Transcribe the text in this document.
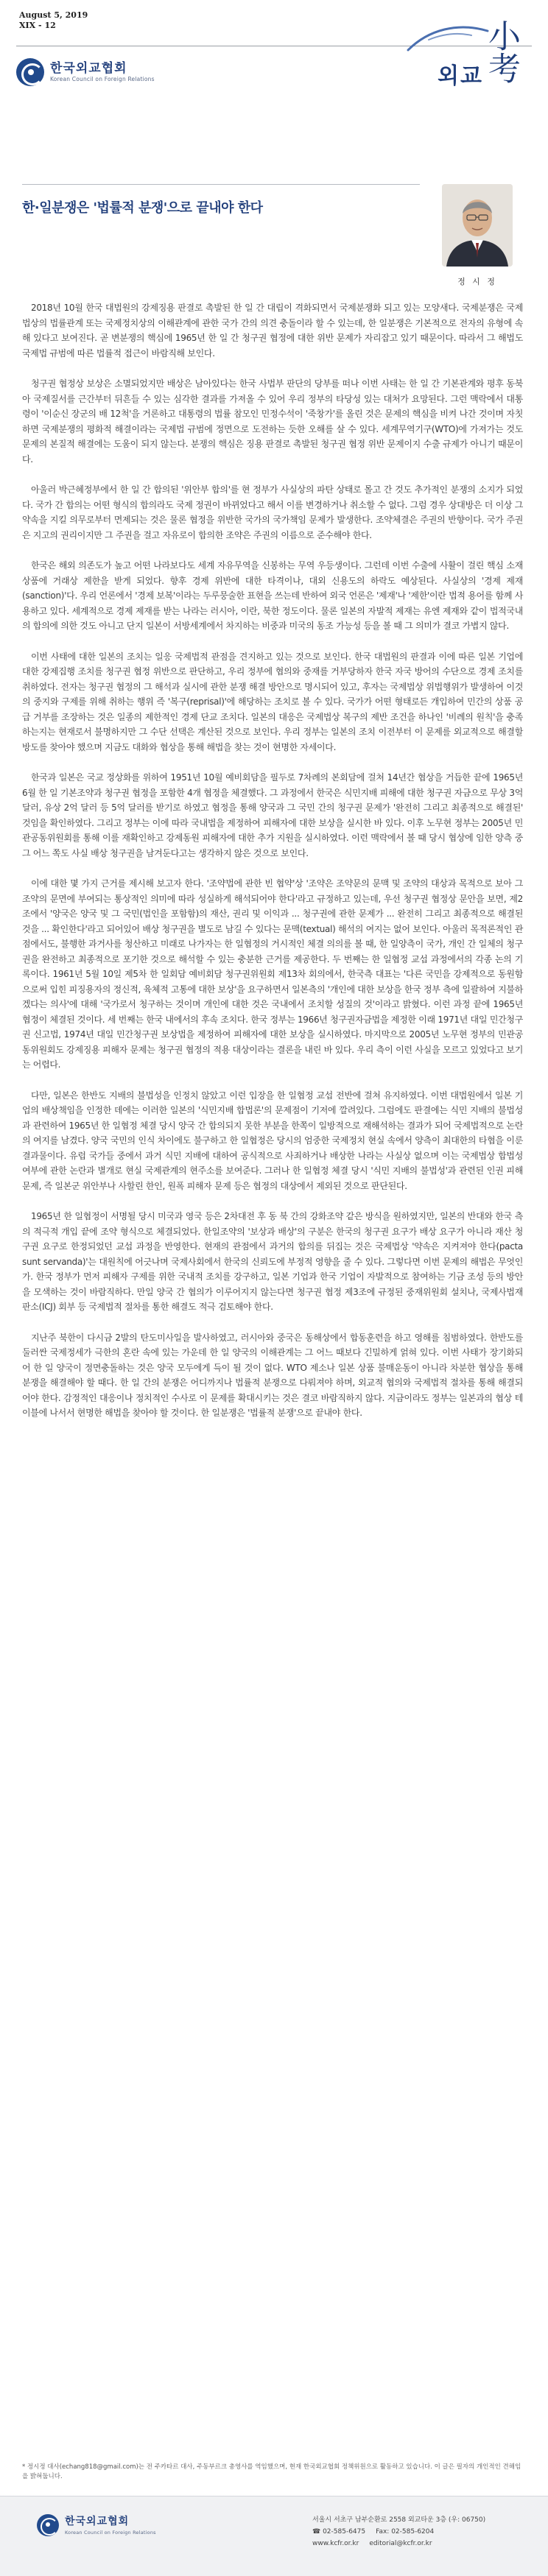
August 5, 2019
XIX - 12
한국외교협회
Korean Council on Foreign Relations	외교 小考
한·일분쟁은 '법률적 분쟁'으로 끝내야 한다
정 시 정

2018년 10월 한국 대법원의 강제징용 판결로 촉발된 한 일 간 대립이 격화되면서 국제분쟁화 되고 있는 모양새다. 국제분쟁은 국제법상의 법률관계 또는 국제정치상의 이해관계에 관한 국가 간의 의견 충돌이라 할 수 있는데, 한 일분쟁은 기본적으로 전자의 유형에 속해 있다고 보여진다. 곧 변분쟁의 핵심에 1965년 한 일 간 청구권 협정에 대한 위반 문제가 자리잡고 있기 때문이다. 따라서 그 해법도 국제법 규범에 따른 법률적 접근이 바람직해 보인다.

청구권 협정상 보상은 소멸되었지만 배상은 남아있다는 한국 사법부 판단의 당부를 떠나 이번 사태는 한 일 간 기본관계와 평후 동북아 국제질서를 근간부터 뒤흔들 수 있는 심각한 결과를 가져올 수 있어 우리 정부의 타당성 있는 대처가 요망된다. 그런 맥락에서 대통령이 '이순신 장군의 배 12척'을 거론하고 대통령의 법률 참모인 민정수석이 '죽창가'를 올린 것은 문제의 핵심을 비켜 나간 것이며 자칫하면 국제분쟁의 평화적 해결이라는 국제법 규범에 정면으로 도전하는 듯한 오해를 살 수 있다. 세계무역기구(WTO)에 가져가는 것도 문제의 본질적 해결에는 도움이 되지 않는다. 분쟁의 핵심은 징용 판결로 촉발된 청구권 협정 위반 문제이지 수출 규제가 아니기 때문이다.

아울러 박근혜정부에서 한 일 간 합의된 '위안부 합의'를 현 정부가 사실상의 파탄 상태로 몰고 간 것도 추가적인 분쟁의 소지가 되었다. 국가 간 합의는 어떤 형식의 합의라도 국제 정권이 바뀌었다고 해서 이를 변경하거나 취소할 수 없다. 그럼 경우 상대방은 더 이상 그 약속을 지킬 의무로부터 면제되는 것은 물론 협정을 위반한 국가의 국가책임 문제가 발생한다. 조약체결은 주권의 반향이다. 국가 주권은 지고의 권리이지만 그 주권을 걸고 자유로이 합의한 조약은 주권의 이름으로 준수해야 한다.

한국은 해외 의존도가 높고 어떤 나라보다도 세계 자유무역을 신봉하는 무역 우등생이다. 그런데 이번 수출에 사활이 걸린 핵심 소재 상품에 거래상 제한을 받게 되었다. 향후 경제 위반에 대한 타격이나, 대외 신용도의 하락도 예상된다. 사실상의 '경제 제재(sanction)'다. 우리 언론에서 '경제 보복'이라는 두루뭉술한 표현을 쓰는데 반하여 외국 언론은 '제재'나 '제한'이란 법적 용어를 함께 사용하고 있다. 세계적으로 경제 제재를 받는 나라는 러시아, 이란, 북한 정도이다. 물론 일본의 자발적 제재는 유엔 제재와 같이 법적국내의 합의에 의한 것도 아니고 단지 일본이 서방세계에서 차지하는 비중과 미국의 동조 가능성 등을 볼 때 그 의미가 결코 가볍지 않다.

이번 사태에 대한 일본의 조치는 일응 국제법적 관점을 견지하고 있는 것으로 보인다. 한국 대법원의 판결과 이에 따른 일본 기업에 대한 강제집행 조치를 청구권 협정 위반으로 판단하고, 우리 정부에 협의와 중재를 거부당하자 한국 자국 방어의 수단으로 경제 조치를 취하였다. 전자는 청구권 협정의 그 해석과 실시에 관한 분쟁 해결 방안으로 명시되어 있고, 후자는 국제법상 위법행위가 발생하여 이것의 중지와 구제를 위해 취하는 행위 즉 '복구(reprisal)'에 해당하는 조치로 볼 수 있다. 국가가 어떤 형태로든 개입하여 민간의 상품 공급 거부를 조장하는 것은 일종의 제한적인 경제 단교 조치다. 일본의 대응은 국제법상 복구의 제반 조건을 하나인 '비례의 원칙'을 충족하는지는 현재로서 불명하지만 그 수단 선택은 계산된 것으로 보인다. 우리 정부는 일본의 조치 이전부터 이 문제를 외교적으로 해결할 방도를 찾아야 했으며 지금도 대화와 협상을 통해 해법을 찾는 것이 현명한 자세이다.

한국과 일본은 국교 정상화를 위하여 1951년 10월 예비회담을 필두로 7차례의 본회담에 걸쳐 14년간 협상을 거듭한 끝에 1965년 6월 한 일 기본조약과 청구권 협정을 포함한 4개 협정을 체결했다. 그 과정에서 한국은 식민지배 피해에 대한 청구권 자금으로 무상 3억 달러, 유상 2억 달러 등 5억 달러를 받기로 하였고 협정을 통해 양국과 그 국민 간의 청구권 문제가 '완전히 그리고 최종적으로 해결된' 것임을 확인하였다. 그리고 정부는 이에 따라 국내법을 제정하여 피해자에 대한 보상을 실시한 바 있다. 이후 노무현 정부는 2005년 민관공동위원회를 통해 이를 재확인하고 강제동원 피해자에 대한 추가 지원을 실시하였다. 이런 맥락에서 볼 때 당시 협상에 임한 양측 중 그 어느 쪽도 사실 배상 청구권을 남겨둔다고는 생각하지 않은 것으로 보인다.

이에 대한 몇 가지 근거를 제시해 보고자 한다. '조약법에 관한 빈 협약'상 '조약은 조약문의 문맥 및 조약의 대상과 목적으로 보아 그 조약의 문면에 부여되는 통상적인 의미에 따라 성실하게 해석되어야 한다'라고 규정하고 있는데, 우선 청구권 협정상 문안을 보면, 제2조에서 '양국은 양국 및 그 국민(법인을 포함함)의 재산, 권리 및 이익과 ... 청구권에 관한 문제가 ... 완전히 그리고 최종적으로 해결된 것을 ... 확인한다'라고 되어있어 배상 청구권을 별도로 남길 수 있다는 문맥(textual) 해석의 여지는 없어 보인다. 아울러 목적론적인 관점에서도, 불행한 과거사를 청산하고 미래로 나가자는 한 일협정의 거시적인 체결 의의를 볼 때, 한 일양측이 국가, 개인 간 일체의 청구권을 완전하고 최종적으로 포기한 것으로 해석할 수 있는 충분한 근거를 제공한다. 두 번째는 한 일협정 교섭 과정에서의 각종 논의 기록이다. 1961년 5월 10일 제5차 한 일회담 예비회담 청구권위원회 제13차 회의에서, 한국측 대표는 '다른 국민을 강제적으로 동원함으로써 입힌 피징용자의 정신적, 육체적 고통에 대한 보상'을 요구하면서 일본측의 '개인에 대한 보상을 한국 정부 측에 일괄하여 지불하겠다는 의사'에 대해 '국가로서 청구하는 것이며 개인에 대한 것은 국내에서 조치할 성질의 것'이라고 밝혔다. 이런 과정 끝에 1965년 협정이 체결된 것이다. 세 번째는 한국 내에서의 후속 조치다. 한국 정부는 1966년 청구권자금법을 제정한 이래 1971년 대일 민간청구권 신고법, 1974년 대일 민간청구권 보상법을 제정하여 피해자에 대한 보상을 실시하였다. 마지막으로 2005년 노무현 정부의 민관공동위원회도 강제징용 피해자 문제는 청구권 협정의 적용 대상이라는 결론을 내린 바 있다. 우리 측이 이런 사실을 모르고 있었다고 보기는 어렵다.

다만, 일본은 한반도 지배의 불법성을 인정치 않았고 이런 입장을 한 일협정 교섭 전반에 걸쳐 유지하였다. 이번 대법원에서 일본 기업의 배상책임을 인정한 데에는 이러한 일본의 '식민지배 합법론'의 문제점이 기저에 깔려있다. 그럼에도 판결에는 식민 지배의 불법성과 관련하여 1965년 한 일협정 체결 당시 양국 간 합의되지 못한 부분을 한쪽이 일방적으로 재해석하는 결과가 되어 국제법적으로 논란의 여지를 남겼다. 양국 국민의 인식 차이에도 불구하고 한 일협정은 당시의 엄중한 국제정치 현실 속에서 양측이 최대한의 타협을 이룬 결과물이다. 유럽 국가들 중에서 과거 식민 지배에 대하여 공식적으로 사죄하거나 배상한 나라는 사실상 없으며 이는 국제법상 합법성 여부에 관한 논란과 별개로 현실 국제관계의 현주소를 보여준다. 그러나 한 일협정 체결 당시 '식민 지배의 불법성'과 관련된 인권 피해 문제, 즉 일본군 위안부나 사할린 한인, 원폭 피해자 문제 등은 협정의 대상에서 제외된 것으로 판단된다.

1965년 한 일협정이 서명될 당시 미국과 영국 등은 2차대전 후 동 북 간의 강화조약 같은 방식을 원하였지만, 일본의 반대와 한국 측의 적극적 개입 끝에 조약 형식으로 체결되었다. 한일조약의 '보상과 배상'의 구분은 한국의 청구권 요구가 배상 요구가 아니라 재산 청구권 요구로 한정되었던 교섭 과정을 반영한다. 현재의 관점에서 과거의 합의를 뒤집는 것은 국제법상 '약속은 지켜져야 한다(pacta sunt servanda)'는 대원칙에 어긋나며 국제사회에서 한국의 신뢰도에 부정적 영향을 줄 수 있다. 그렇다면 이번 문제의 해법은 무엇인가. 한국 정부가 먼저 피해자 구제를 위한 국내적 조치를 강구하고, 일본 기업과 한국 기업이 자발적으로 참여하는 기금 조성 등의 방안을 모색하는 것이 바람직하다. 만일 양국 간 협의가 이루어지지 않는다면 청구권 협정 제3조에 규정된 중재위원회 설치나, 국제사법재판소(ICJ) 회부 등 국제법적 절차를 통한 해결도 적극 검토해야 한다.

지난주 북한이 다시금 2발의 탄도미사일을 발사하였고, 러시아와 중국은 동해상에서 합동훈련을 하고 영해를 침범하였다. 한반도를 둘러싼 국제정세가 극한의 혼란 속에 있는 가운데 한 일 양국의 이해관계는 그 어느 때보다 긴밀하게 얽혀 있다. 이번 사태가 장기화되어 한 일 양국이 정면충돌하는 것은 양국 모두에게 득이 될 것이 없다. WTO 제소나 일본 상품 불매운동이 아니라 차분한 협상을 통해 분쟁을 해결해야 할 때다. 한 일 간의 분쟁은 어디까지나 법률적 분쟁으로 다뤄져야 하며, 외교적 협의와 국제법적 절차를 통해 해결되어야 한다. 감정적인 대응이나 정치적인 수사로 이 문제를 확대시키는 것은 결코 바람직하지 않다. 지금이라도 정부는 일본과의 협상 테이블에 나서서 현명한 해법을 찾아야 할 것이다. 한 일분쟁은 '법률적 분쟁'으로 끝내야 한다.

* 정시정 대사(echang818@gmail.com)는 전 주카타르 대사, 주동부르크 총영사를 역임했으며, 현재 한국외교협회 정책위원으로 활동하고 있습니다. 이 글은 필자의 개인적인 견해임을 밝혀둡니다.
한국외교협회
Korean Council on Foreign Relations
서울시 서초구 남부순환로 2558 외교타운 3층 (우: 06750)
☎ 02-585-6475 Fax: 02-585-6204
www.kcfr.or.kr editorial@kcfr.or.kr
